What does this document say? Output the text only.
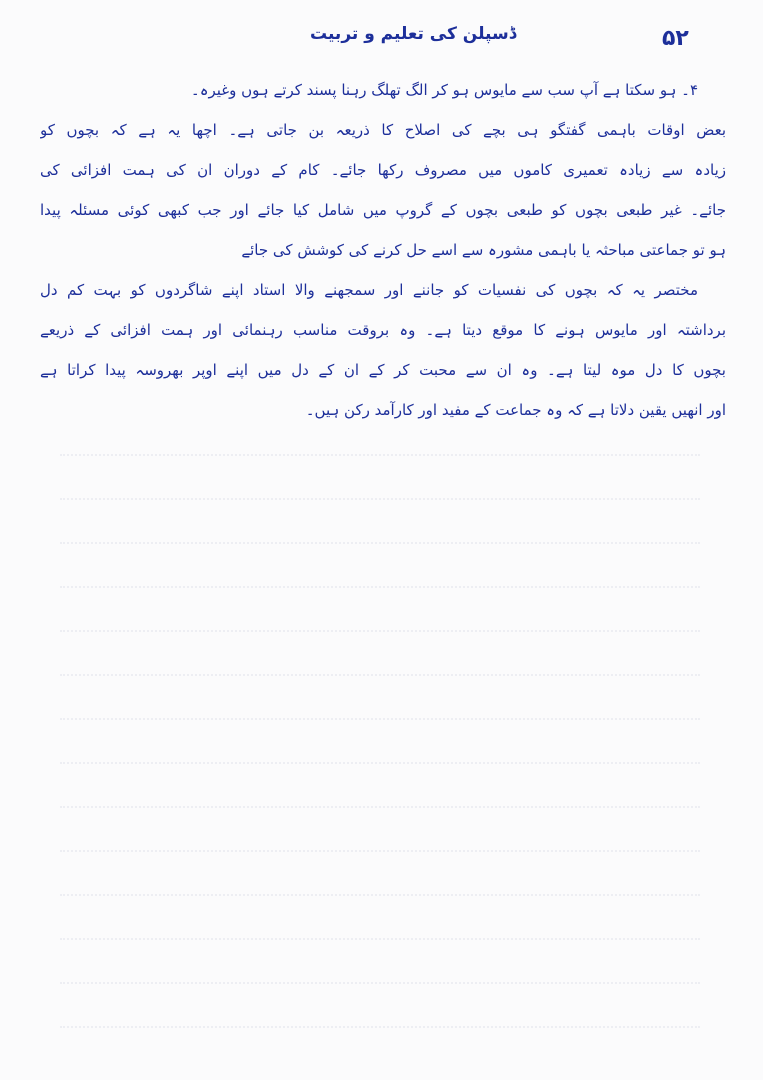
ڈسپلن کی تعلیم و تربیت	۵۲
۴۔ ہو سکتا ہے آپ سب سے مایوس ہو کر الگ تھلگ رہنا پسند کرتے ہوں وغیرہ۔
بعض اوقات باہمی گفتگو ہی بچے کی اصلاح کا ذریعہ بن جاتی ہے۔ اچھا یہ ہے کہ بچوں کو
زیادہ سے زیادہ تعمیری کاموں میں مصروف رکھا جائے۔ کام کے دوران ان کی ہمت افزائی کی
جائے۔ غیر طبعی بچوں کو طبعی بچوں کے گروپ میں شامل کیا جائے اور جب کبھی کوئی مسئلہ پیدا
ہو تو جماعتی مباحثہ یا باہمی مشورہ سے اسے حل کرنے کی کوشش کی جائے
مختصر یہ کہ بچوں کی نفسیات کو جاننے اور سمجھنے والا استاد اپنے شاگردوں کو بہت کم دل
برداشتہ اور مایوس ہونے کا موقع دیتا ہے۔ وہ بروقت مناسب رہنمائی اور ہمت افزائی کے ذریعے
بچوں کا دل موہ لیتا ہے۔ وہ ان سے محبت کر کے ان کے دل میں اپنے اوپر بھروسہ پیدا کراتا ہے
اور انھیں یقین دلاتا ہے کہ وہ جماعت کے مفید اور کارآمد رکن ہیں۔
